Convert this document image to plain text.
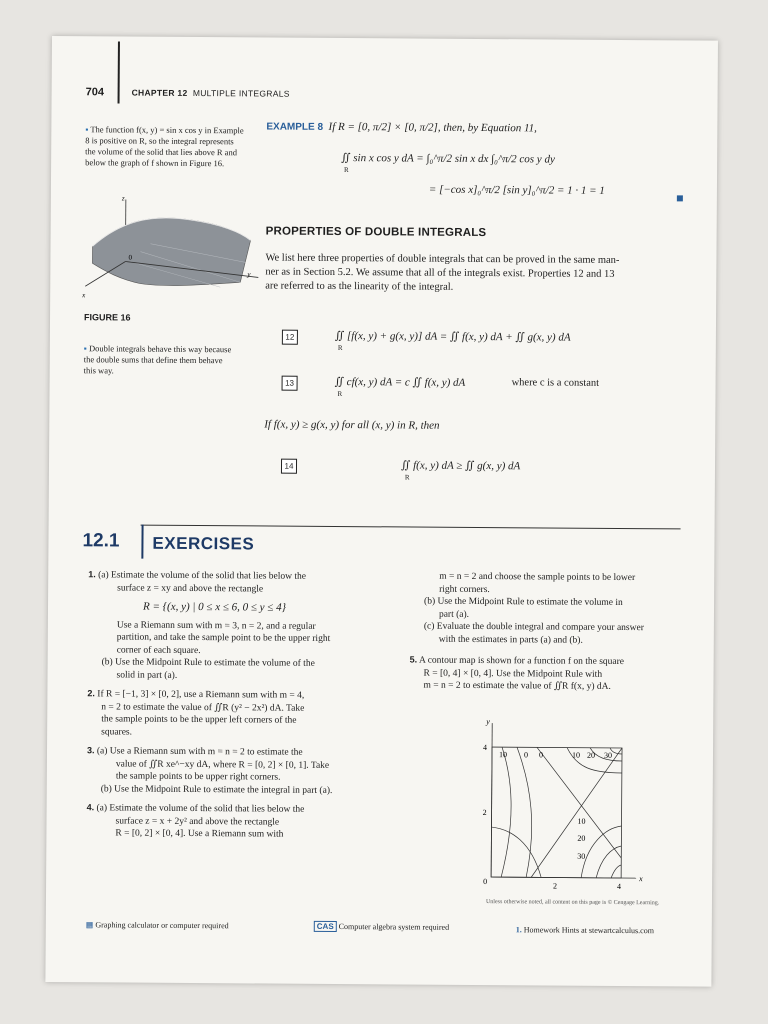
704	CHAPTER 12 MULTIPLE INTEGRALS
▪ The function f(x, y) = sin x cos y in Example 8 is positive on R, so the integral represents the volume of the solid that lies above R and below the graph of f shown in Figure 16.
z
x
y
0
FIGURE 16
▪ Double integrals behave this way because the double sums that define them behave this way.
EXAMPLE 8 If R = [0, π/2] × [0, π/2], then, by Equation 11,
∬ sin x cos y dA = ∫₀^π/2 sin x dx ∫₀^π/2 cos y dy
R
= [−cos x]₀^π/2 [sin y]₀^π/2 = 1 · 1 = 1
PROPERTIES OF DOUBLE INTEGRALS
We list here three properties of double integrals that can be proved in the same man-
ner as in Section 5.2. We assume that all of the integrals exist. Properties 12 and 13
are referred to as the linearity of the integral.
12	∬ [f(x, y) + g(x, y)] dA = ∬ f(x, y) dA + ∬ g(x, y) dA
R
13	∬ cf(x, y) dA = c ∬ f(x, y) dA	where c is a constant
R
If f(x, y) ≥ g(x, y) for all (x, y) in R, then
14	∬ f(x, y) dA ≥ ∬ g(x, y) dA
R
12.1 EXERCISES
1. (a) Estimate the volume of the solid that lies below the
surface z = xy and above the rectangle
R = {(x, y) | 0 ≤ x ≤ 6, 0 ≤ y ≤ 4}
Use a Riemann sum with m = 3, n = 2, and a regular
partition, and take the sample point to be the upper right
corner of each square.
(b) Use the Midpoint Rule to estimate the volume of the
solid in part (a).
2. If R = [−1, 3] × [0, 2], use a Riemann sum with m = 4,
n = 2 to estimate the value of ∬R (y² − 2x²) dA. Take
the sample points to be the upper left corners of the
squares.
3. (a) Use a Riemann sum with m = n = 2 to estimate the
value of ∬R xe^−xy dA, where R = [0, 2] × [0, 1]. Take
the sample points to be upper right corners.
(b) Use the Midpoint Rule to estimate the integral in part (a).
4. (a) Estimate the volume of the solid that lies below the
surface z = x + 2y² and above the rectangle
R = [0, 2] × [0, 4]. Use a Riemann sum with
m = n = 2 and choose the sample points to be lower
right corners.
(b) Use the Midpoint Rule to estimate the volume in
part (a).
(c) Evaluate the double integral and compare your answer
with the estimates in parts (a) and (b).
5. A contour map is shown for a function f on the square
R = [0, 4] × [0, 4]. Use the Midpoint Rule with
m = n = 2 to estimate the value of ∬R f(x, y) dA.
y
x
4
2
2	4
0
10 0 0	10 20 30
10
20
30
Unless otherwise noted, all content on this page is © Cengage Learning.
▦ Graphing calculator or computer required	CAS Computer algebra system required	1. Homework Hints at stewartcalculus.com
